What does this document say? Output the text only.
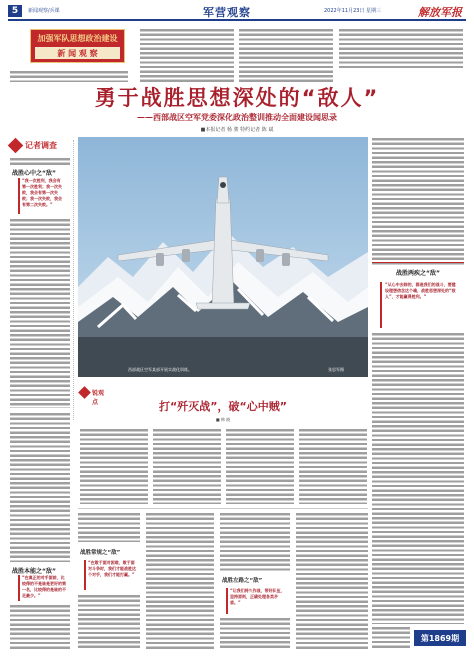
5	新闻观察/兵课	军营观察	2022年11月23日 星期三	解放军报
加强军队思想政治建设
新 闻 观 察
勇于战胜思想深处的“敌人”
——西部战区空军党委深化政治整训推动全面建设闻思录
■本报记者 杨 骏 特约记者 陈 斌
记者调查
战胜心中之“敌”
“我一次胜利，我会有第一次胜利；我一次失败，我会有第一次失败；我一次失败，我会有第二次失败。”
战胜本能之“敌”
“在真正的对手面前，比较得的不是谁是更好的第一名，比较得的是谁的不足最少。”
西部战区空军某部开展实战化训练。	张思军摄
战胜两疾之“敌”
“从心中去除的，都是我们的战斗，要建设理想信念这个魂，战胜思想深处的“敌人”，才能赢得胜利。”
锐观点	打“歼灭战”，破“心中贼”
■ 韩 晓
战胜常规之“敌”
“在敢于面对困难，敢于面对斗争时，我们才能战胜这个对手，我们才能打赢。”
战胜左路之“敌”
“让我们持久作战，带好队伍，坚持原则，正确处理各类矛盾。”
第1869期
